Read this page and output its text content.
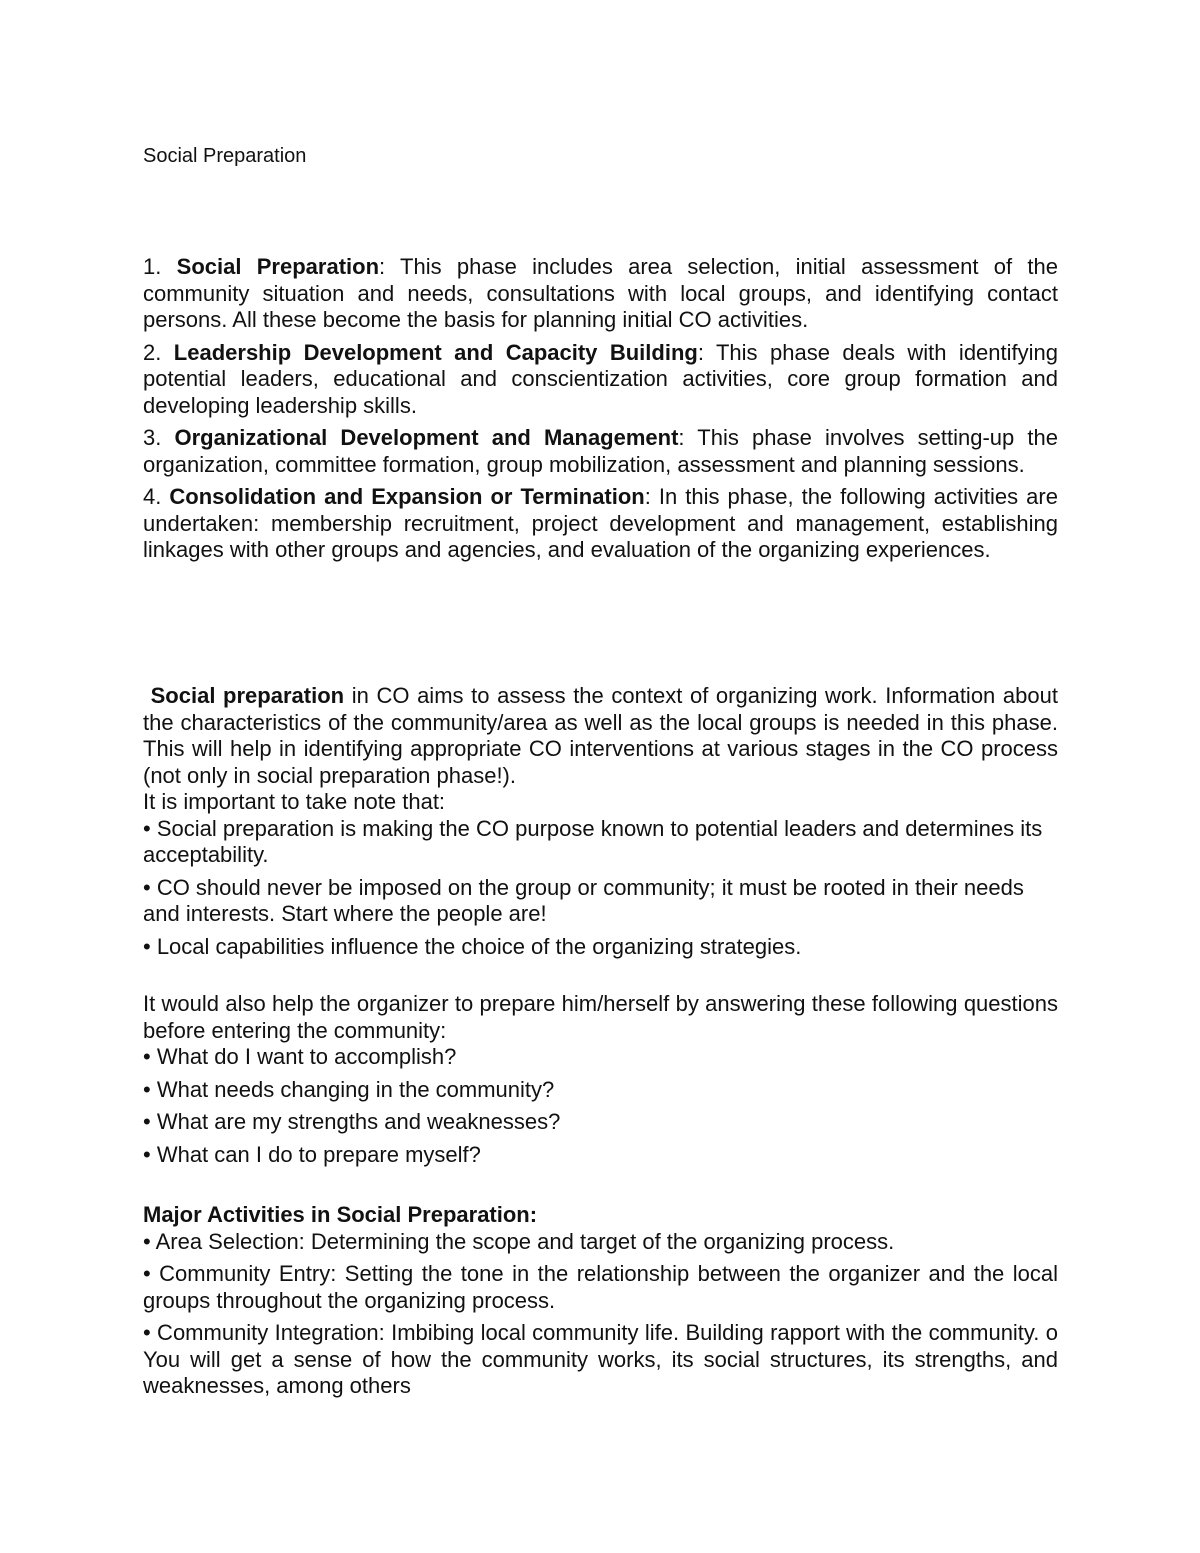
Social Preparation

1. Social Preparation: This phase includes area selection, initial assessment of the community situation and needs, consultations with local groups, and identifying contact persons. All these become the basis for planning initial CO activities.

2. Leadership Development and Capacity Building: This phase deals with identifying potential leaders, educational and conscientization activities, core group formation and developing leadership skills.

3. Organizational Development and Management: This phase involves setting-up the organization, committee formation, group mobilization, assessment and planning sessions.

4. Consolidation and Expansion or Termination: In this phase, the following activities are undertaken: membership recruitment, project development and management, establishing linkages with other groups and agencies, and evaluation of the organizing experiences.

Social preparation in CO aims to assess the context of organizing work. Information about the characteristics of the community/area as well as the local groups is needed in this phase. This will help in identifying appropriate CO interventions at various stages in the CO process (not only in social preparation phase!).

It is important to take note that:

• Social preparation is making the CO purpose known to potential leaders and determines its acceptability.

• CO should never be imposed on the group or community; it must be rooted in their needs and interests. Start where the people are!

• Local capabilities influence the choice of the organizing strategies.

It would also help the organizer to prepare him/herself by answering these following questions before entering the community:

• What do I want to accomplish?

• What needs changing in the community?

• What are my strengths and weaknesses?

• What can I do to prepare myself?

Major Activities in Social Preparation:

• Area Selection: Determining the scope and target of the organizing process.

• Community Entry: Setting the tone in the relationship between the organizer and the local groups throughout the organizing process.

• Community Integration: Imbibing local community life. Building rapport with the community. o You will get a sense of how the community works, its social structures, its strengths, and weaknesses, among others
